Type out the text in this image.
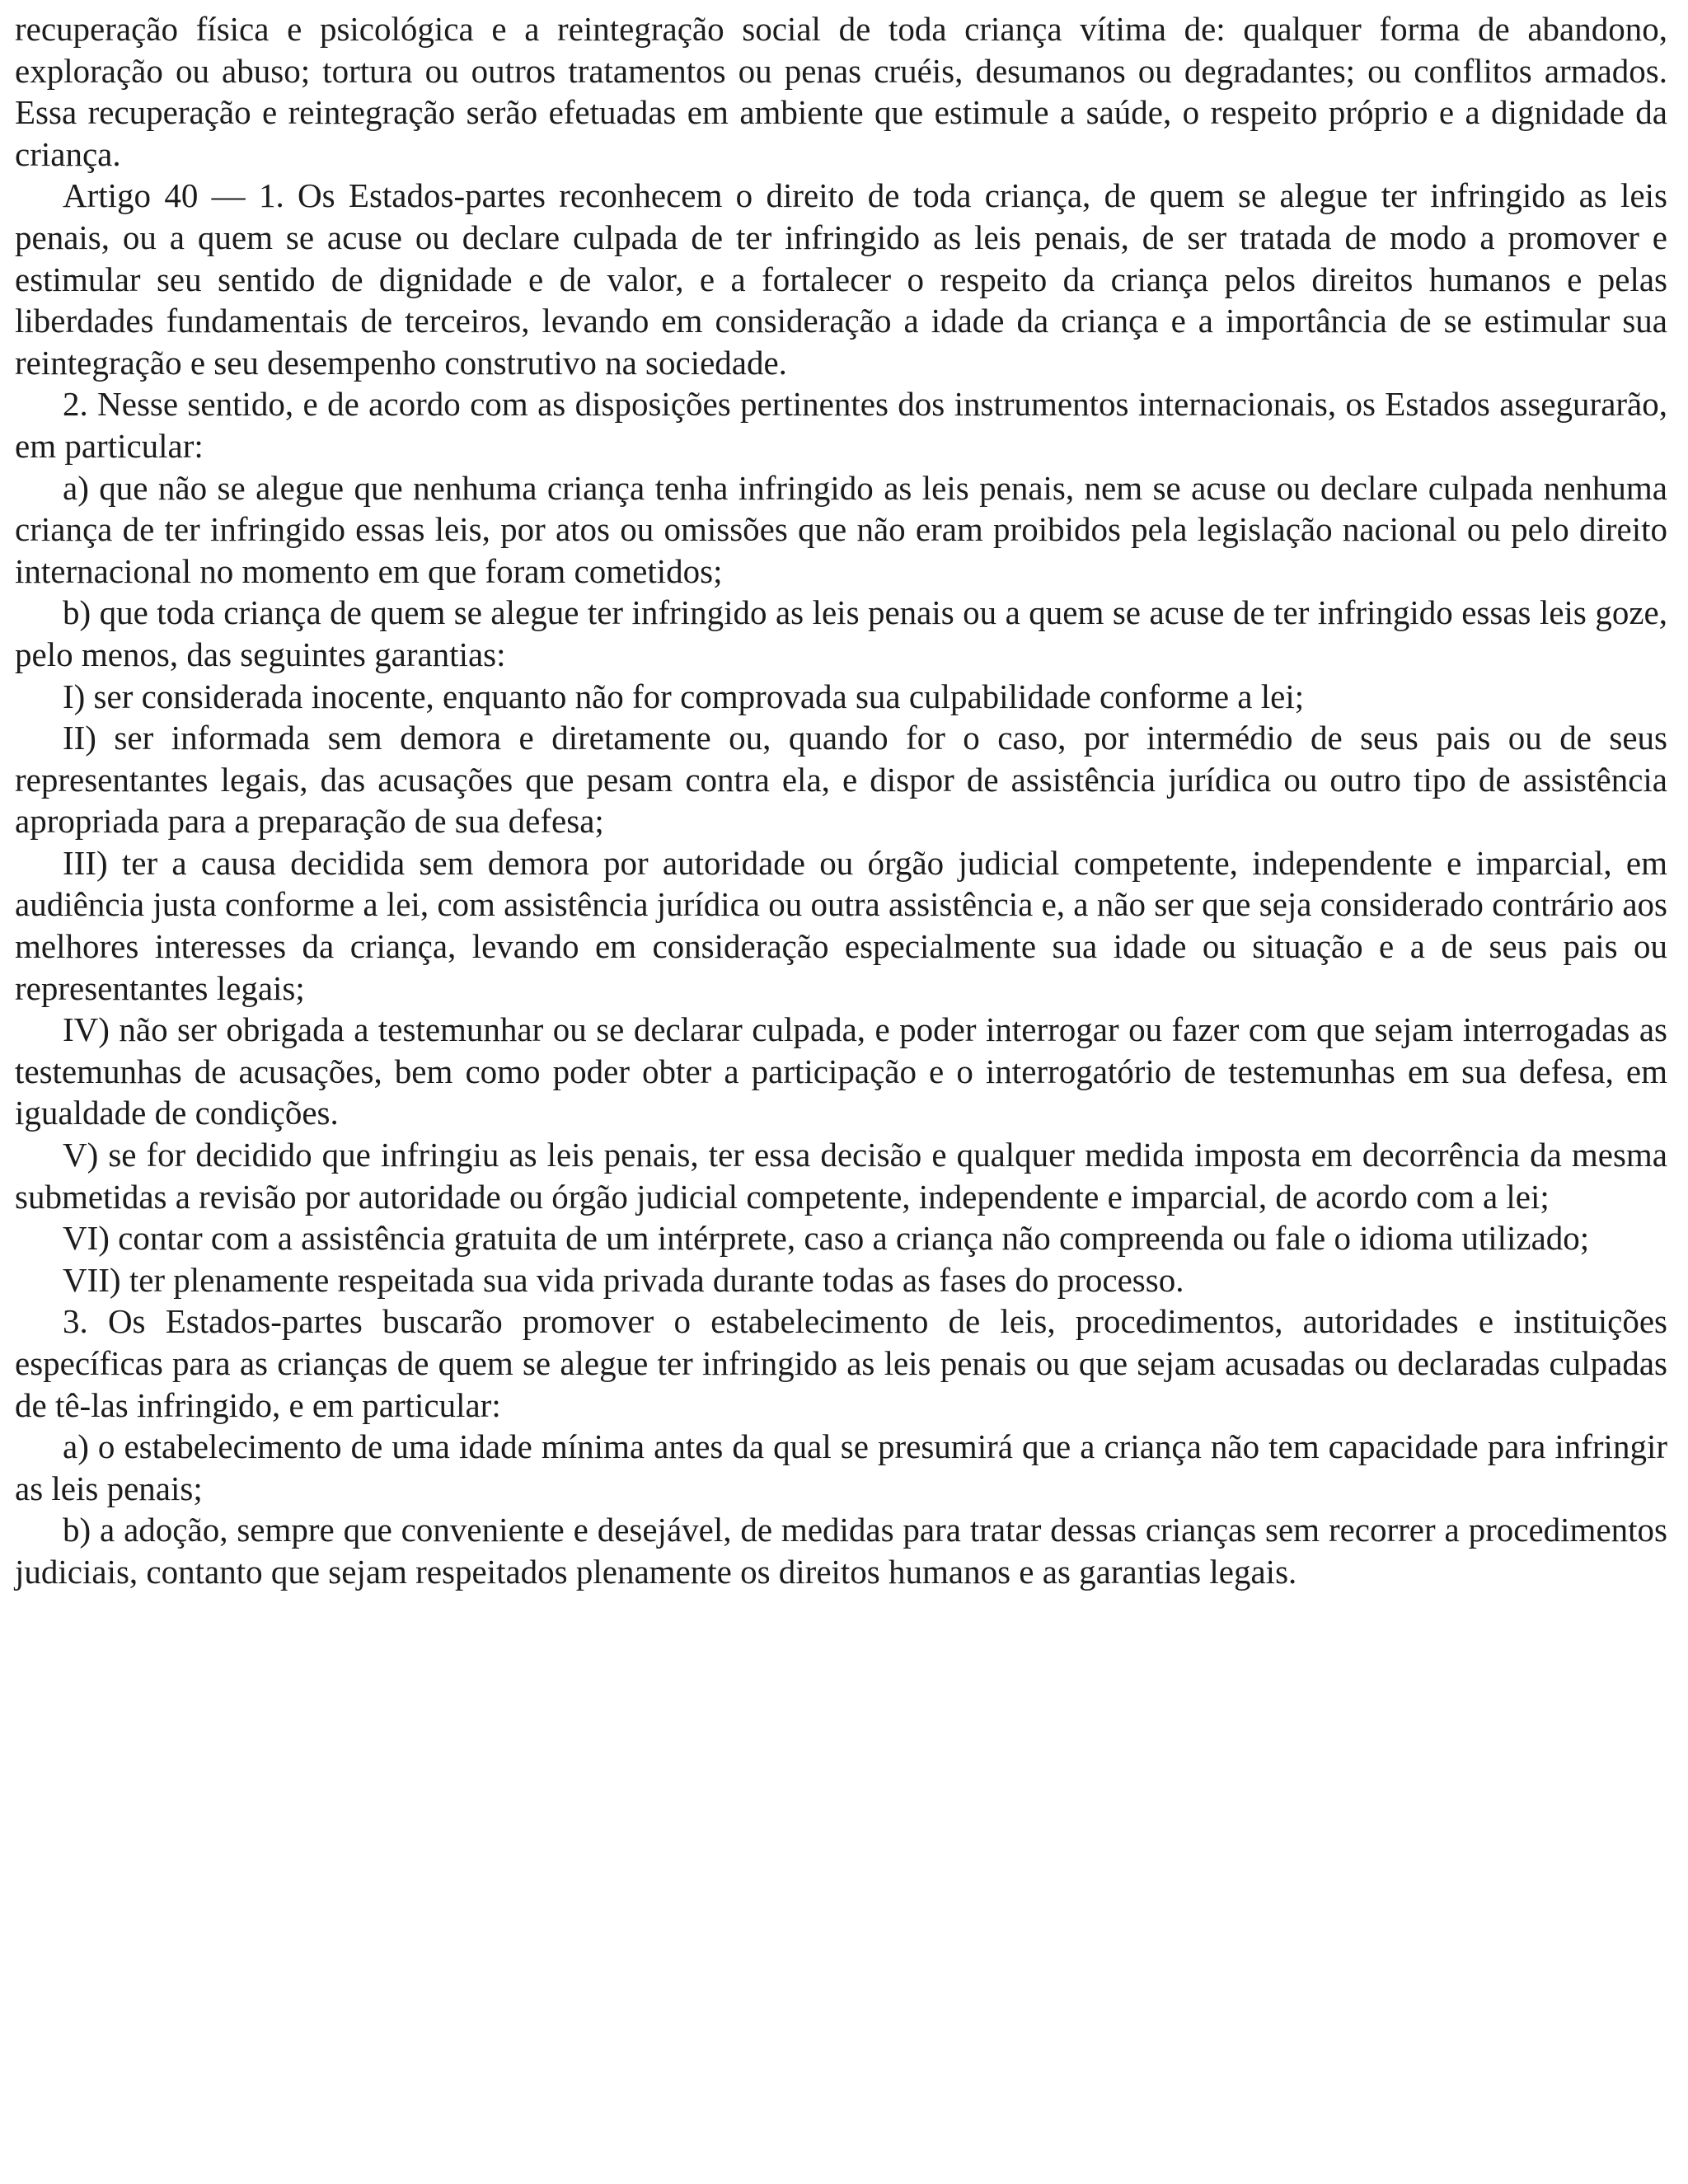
recuperação física e psicológica e a reintegração social de toda criança vítima de: qualquer forma de abandono, exploração ou abuso; tortura ou outros tratamentos ou penas cruéis, desumanos ou degradantes; ou conflitos armados. Essa recuperação e reintegração serão efetuadas em ambiente que estimule a saúde, o respeito próprio e a dignidade da criança.

Artigo 40 — 1. Os Estados-partes reconhecem o direito de toda criança, de quem se alegue ter infringido as leis penais, ou a quem se acuse ou declare culpada de ter infringido as leis penais, de ser tratada de modo a promover e estimular seu sentido de dignidade e de valor, e a fortalecer o respeito da criança pelos direitos humanos e pelas liberdades fundamentais de terceiros, levando em consideração a idade da criança e a importância de se estimular sua reintegração e seu desempenho construtivo na sociedade.

2. Nesse sentido, e de acordo com as disposições pertinentes dos instrumentos internacionais, os Estados assegurarão, em particular:

a) que não se alegue que nenhuma criança tenha infringido as leis penais, nem se acuse ou declare culpada nenhuma criança de ter infringido essas leis, por atos ou omissões que não eram proibidos pela legislação nacional ou pelo direito internacional no momento em que foram cometidos;

b) que toda criança de quem se alegue ter infringido as leis penais ou a quem se acuse de ter infringido essas leis goze, pelo menos, das seguintes garantias:

I) ser considerada inocente, enquanto não for comprovada sua culpabilidade conforme a lei;

II) ser informada sem demora e diretamente ou, quando for o caso, por intermédio de seus pais ou de seus representantes legais, das acusações que pesam contra ela, e dispor de assistência jurídica ou outro tipo de assistência apropriada para a preparação de sua defesa;

III) ter a causa decidida sem demora por autoridade ou órgão judicial competente, independente e imparcial, em audiência justa conforme a lei, com assistência jurídica ou outra assistência e, a não ser que seja considerado contrário aos melhores interesses da criança, levando em consideração especialmente sua idade ou situação e a de seus pais ou representantes legais;

IV) não ser obrigada a testemunhar ou se declarar culpada, e poder interrogar ou fazer com que sejam interrogadas as testemunhas de acusações, bem como poder obter a participação e o interrogatório de testemunhas em sua defesa, em igualdade de condições.

V) se for decidido que infringiu as leis penais, ter essa decisão e qualquer medida imposta em decorrência da mesma submetidas a revisão por autoridade ou órgão judicial competente, independente e imparcial, de acordo com a lei;

VI) contar com a assistência gratuita de um intérprete, caso a criança não compreenda ou fale o idioma utilizado;

VII) ter plenamente respeitada sua vida privada durante todas as fases do processo.

3. Os Estados-partes buscarão promover o estabelecimento de leis, procedimentos, autoridades e instituições específicas para as crianças de quem se alegue ter infringido as leis penais ou que sejam acusadas ou declaradas culpadas de tê-las infringido, e em particular:

a) o estabelecimento de uma idade mínima antes da qual se presumirá que a criança não tem capacidade para infringir as leis penais;

b) a adoção, sempre que conveniente e desejável, de medidas para tratar dessas crianças sem recorrer a procedimentos judiciais, contanto que sejam respeitados plenamente os direitos humanos e as garantias legais.
